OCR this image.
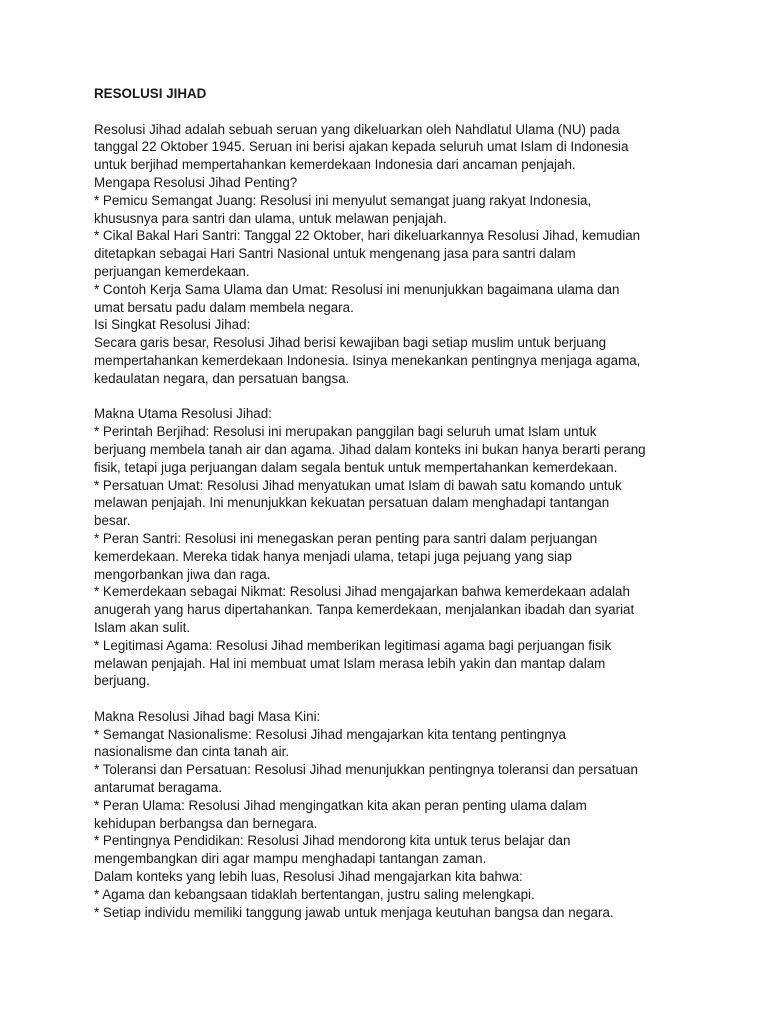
RESOLUSI JIHAD

Resolusi Jihad adalah sebuah seruan yang dikeluarkan oleh Nahdlatul Ulama (NU) pada

tanggal 22 Oktober 1945. Seruan ini berisi ajakan kepada seluruh umat Islam di Indonesia

untuk berjihad mempertahankan kemerdekaan Indonesia dari ancaman penjajah.

Mengapa Resolusi Jihad Penting?

* Pemicu Semangat Juang: Resolusi ini menyulut semangat juang rakyat Indonesia,

khususnya para santri dan ulama, untuk melawan penjajah.

* Cikal Bakal Hari Santri: Tanggal 22 Oktober, hari dikeluarkannya Resolusi Jihad, kemudian

ditetapkan sebagai Hari Santri Nasional untuk mengenang jasa para santri dalam

perjuangan kemerdekaan.

* Contoh Kerja Sama Ulama dan Umat: Resolusi ini menunjukkan bagaimana ulama dan

umat bersatu padu dalam membela negara.

Isi Singkat Resolusi Jihad:

Secara garis besar, Resolusi Jihad berisi kewajiban bagi setiap muslim untuk berjuang

mempertahankan kemerdekaan Indonesia. Isinya menekankan pentingnya menjaga agama,

kedaulatan negara, dan persatuan bangsa.

Makna Utama Resolusi Jihad:

* Perintah Berjihad: Resolusi ini merupakan panggilan bagi seluruh umat Islam untuk

berjuang membela tanah air dan agama. Jihad dalam konteks ini bukan hanya berarti perang

fisik, tetapi juga perjuangan dalam segala bentuk untuk mempertahankan kemerdekaan.

* Persatuan Umat: Resolusi Jihad menyatukan umat Islam di bawah satu komando untuk

melawan penjajah. Ini menunjukkan kekuatan persatuan dalam menghadapi tantangan

besar.

* Peran Santri: Resolusi ini menegaskan peran penting para santri dalam perjuangan

kemerdekaan. Mereka tidak hanya menjadi ulama, tetapi juga pejuang yang siap

mengorbankan jiwa dan raga.

* Kemerdekaan sebagai Nikmat: Resolusi Jihad mengajarkan bahwa kemerdekaan adalah

anugerah yang harus dipertahankan. Tanpa kemerdekaan, menjalankan ibadah dan syariat

Islam akan sulit.

* Legitimasi Agama: Resolusi Jihad memberikan legitimasi agama bagi perjuangan fisik

melawan penjajah. Hal ini membuat umat Islam merasa lebih yakin dan mantap dalam

berjuang.

Makna Resolusi Jihad bagi Masa Kini:

* Semangat Nasionalisme: Resolusi Jihad mengajarkan kita tentang pentingnya

nasionalisme dan cinta tanah air.

* Toleransi dan Persatuan: Resolusi Jihad menunjukkan pentingnya toleransi dan persatuan

antarumat beragama.

* Peran Ulama: Resolusi Jihad mengingatkan kita akan peran penting ulama dalam

kehidupan berbangsa dan bernegara.

* Pentingnya Pendidikan: Resolusi Jihad mendorong kita untuk terus belajar dan

mengembangkan diri agar mampu menghadapi tantangan zaman.

Dalam konteks yang lebih luas, Resolusi Jihad mengajarkan kita bahwa:

* Agama dan kebangsaan tidaklah bertentangan, justru saling melengkapi.

* Setiap individu memiliki tanggung jawab untuk menjaga keutuhan bangsa dan negara.
